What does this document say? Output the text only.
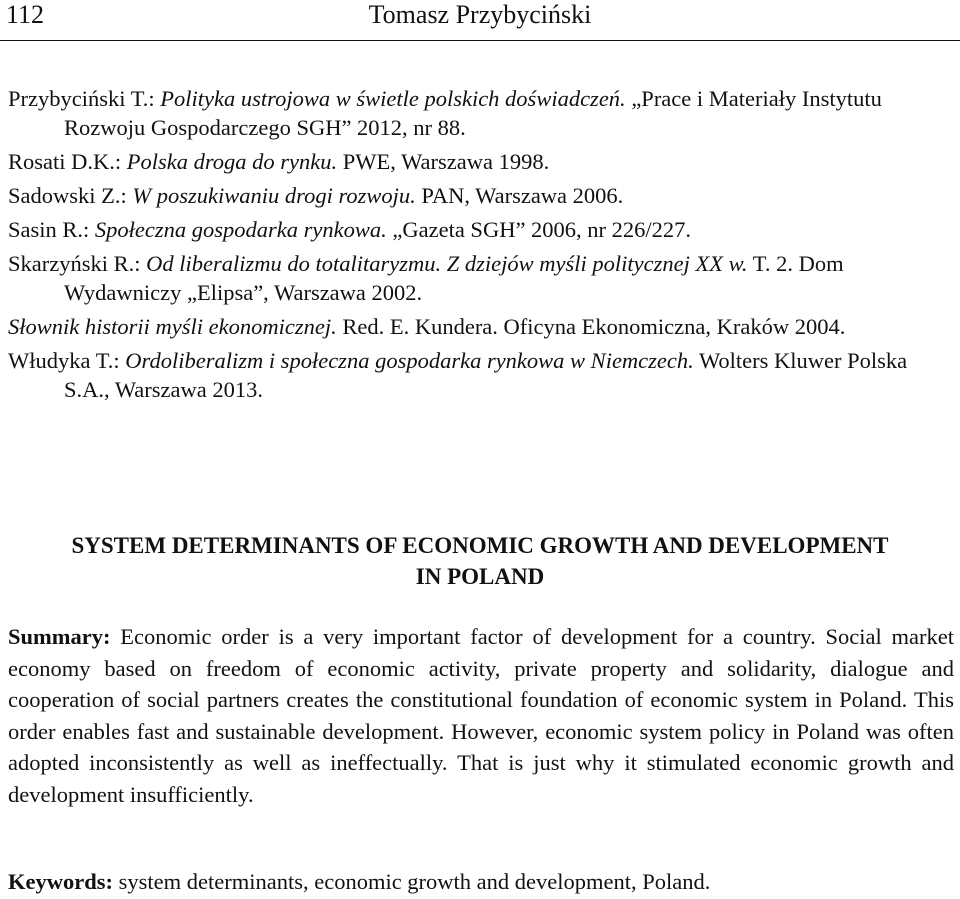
112	Tomasz Przybyciński

Przybyciński T.: Polityka ustrojowa w świetle polskich doświadczeń. „Prace i Materiały Instytutu Rozwoju Gospodarczego SGH” 2012, nr 88.

Rosati D.K.: Polska droga do rynku. PWE, Warszawa 1998.

Sadowski Z.: W poszukiwaniu drogi rozwoju. PAN, Warszawa 2006.

Sasin R.: Społeczna gospodarka rynkowa. „Gazeta SGH” 2006, nr 226/227.

Skarzyński R.: Od liberalizmu do totalitaryzmu. Z dziejów myśli politycznej XX w. T. 2. Dom Wydawniczy „Elipsa”, Warszawa 2002.

Słownik historii myśli ekonomicznej. Red. E. Kundera. Oficyna Ekonomiczna, Kraków 2004.

Włudyka T.: Ordoliberalizm i społeczna gospodarka rynkowa w Niemczech. Wolters Kluwer Polska S.A., Warszawa 2013.

SYSTEM DETERMINANTS OF ECONOMIC GROWTH AND DEVELOPMENT
IN POLAND

Summary: Economic order is a very important factor of development for a country. Social market economy based on freedom of economic activity, private property and solidarity, dialogue and cooperation of social partners creates the constitutional foundation of economic system in Poland. This order enables fast and sustainable development. However, economic system policy in Poland was often adopted inconsistently as well as ineffectually. That is just why it stimulated economic growth and development insufficiently.

Keywords: system determinants, economic growth and development, Poland.
